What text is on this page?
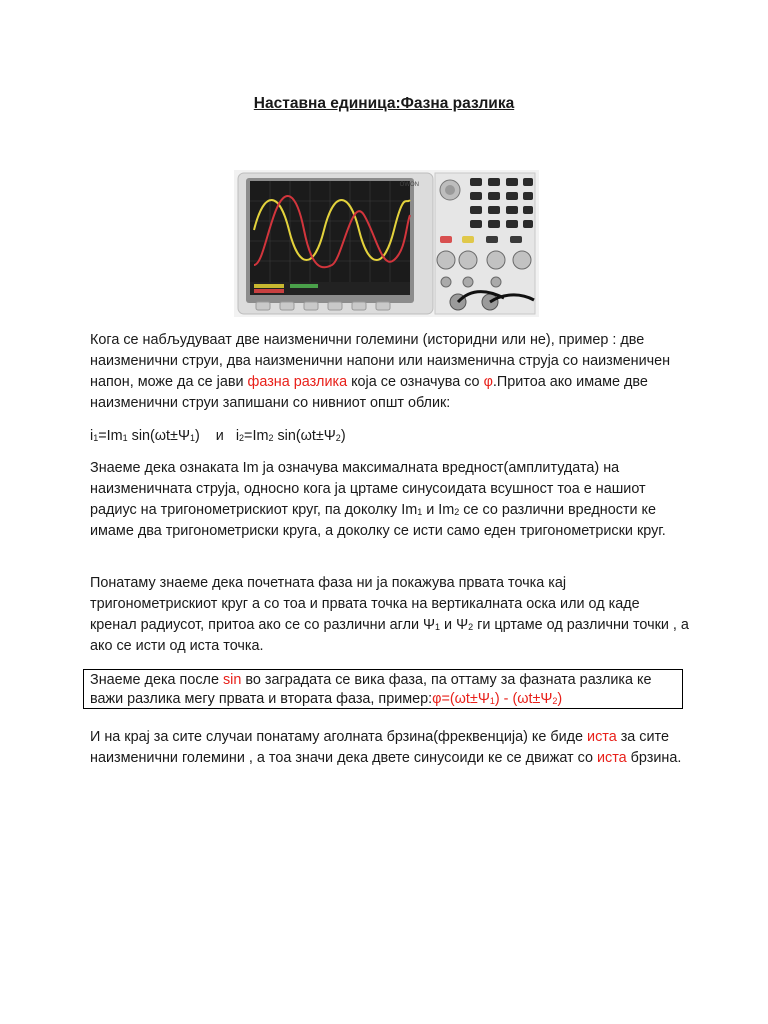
Наставна единица:Фазна разлика
OWON
Кога се набљудуваат две наизменични големини (историдни или не), пример : две наизменични струи, два наизменични напони или наизменична струја со наизменичен напон, може да се јави фазна разлика која се означува со φ.Притоа ако имаме две наизменични струи запишани со нивниот општ облик:
$i_1=Im_1$ $\sin(\omega t\pm\Psi_1)$ и $i_2=Im_2$ $\sin(\omega t\pm\Psi_2)$
Знаеме дека ознаката Im ја означува максималната вредност(амплитудата) на наизменичната струја, односно кога ја цртаме синусоидата всушност тоа е нашиот радиус на тригонометрискиот круг, па доколку $Im_1$ и $Im_2$ се со различни вредности ке имаме два тригонометриски круга, а доколку се исти само еден тригонометриски круг.
Понатаму знаеме дека почетната фаза ни ја покажува првата точка кај тригонометрискиот круг а со тоа и првата точка на вертикалната оска или од каде кренал радиусот, притоа ако се со различни агли $\Psi_1$ и $\Psi_2$ ги цртаме од различни точки , а ако се исти од иста точка.
Знаеме дека после sin во заградата се вика фаза, па оттаму за фазната разлика ке важи разлика мегу првата и втората фаза, $пример:\varphi=(\omega t\pm\Psi_1) - (\omega t\pm\Psi_2)$
И на крај за сите случаи понатаму аголната брзина(фреквенција) ке биде иста за сите наизменични големини , а тоа значи дека двете синусоиди ке се движат со иста брзина.
